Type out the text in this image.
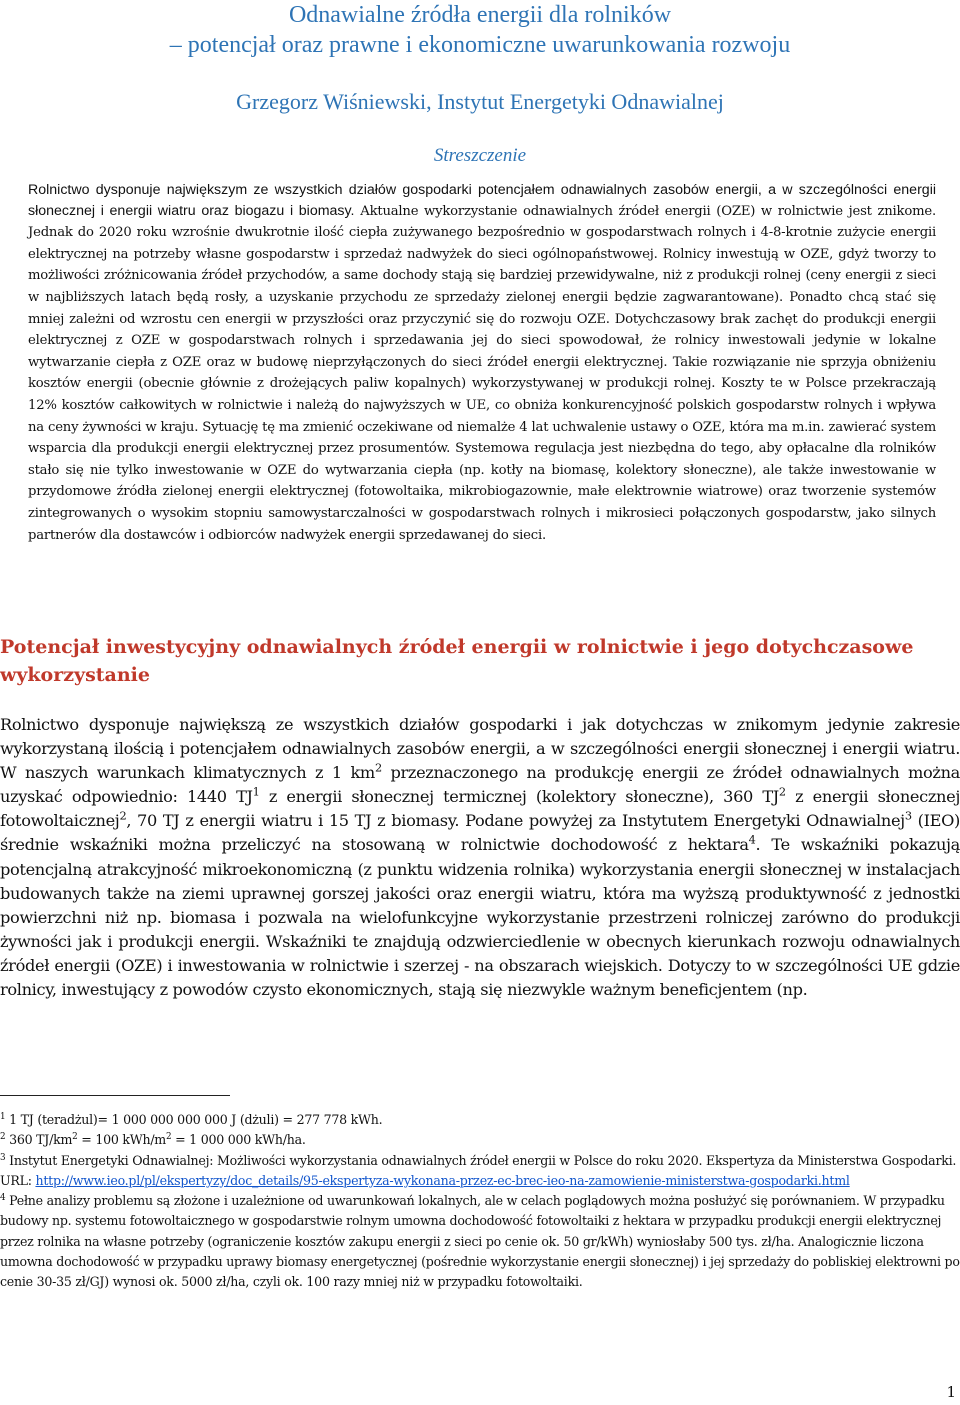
Odnawialne źródła energii dla rolników
– potencjał oraz prawne i ekonomiczne uwarunkowania rozwoju
Grzegorz Wiśniewski, Instytut Energetyki Odnawialnej
Streszczenie

Rolnictwo dysponuje największym ze wszystkich działów gospodarki potencjałem odnawialnych zasobów energii, a w szczególności energii słonecznej i energii wiatru oraz biogazu i biomasy. Aktualne wykorzystanie odnawialnych źródeł energii (OZE) w rolnictwie jest znikome. Jednak do 2020 roku wzrośnie dwukrotnie ilość ciepła zużywanego bezpośrednio w gospodarstwach rolnych i 4-8-krotnie zużycie energii elektrycznej na potrzeby własne gospodarstw i sprzedaż nadwyżek do sieci ogólnopaństwowej. Rolnicy inwestują w OZE, gdyż tworzy to możliwości zróżnicowania źródeł przychodów, a same dochody stają się bardziej przewidywalne, niż z produkcji rolnej (ceny energii z sieci w najbliższych latach będą rosły, a uzyskanie przychodu ze sprzedaży zielonej energii będzie zagwarantowane). Ponadto chcą stać się mniej zależni od wzrostu cen energii w przyszłości oraz przyczynić się do rozwoju OZE. Dotychczasowy brak zachęt do produkcji energii elektrycznej z OZE w gospodarstwach rolnych i sprzedawania jej do sieci spowodował, że rolnicy inwestowali jedynie w lokalne wytwarzanie ciepła z OZE oraz w budowę nieprzyłączonych do sieci źródeł energii elektrycznej. Takie rozwiązanie nie sprzyja obniżeniu kosztów energii (obecnie głównie z drożejących paliw kopalnych) wykorzystywanej w produkcji rolnej. Koszty te w Polsce przekraczają 12% kosztów całkowitych w rolnictwie i należą do najwyższych w UE, co obniża konkurencyjność polskich gospodarstw rolnych i wpływa na ceny żywności w kraju. Sytuację tę ma zmienić oczekiwane od niemalże 4 lat uchwalenie ustawy o OZE, która ma m.in. zawierać system wsparcia dla produkcji energii elektrycznej przez prosumentów. Systemowa regulacja jest niezbędna do tego, aby opłacalne dla rolników stało się nie tylko inwestowanie w OZE do wytwarzania ciepła (np. kotły na biomasę, kolektory słoneczne), ale także inwestowanie w przydomowe źródła zielonej energii elektrycznej (fotowoltaika, mikrobiogazownie, małe elektrownie wiatrowe) oraz tworzenie systemów zintegrowanych o wysokim stopniu samowystarczalności w gospodarstwach rolnych i mikrosieci połączonych gospodarstw, jako silnych partnerów dla dostawców i odbiorców nadwyżek energii sprzedawanej do sieci.

Potencjał inwestycyjny odnawialnych źródeł energii w rolnictwie i jego dotychczasowe wykorzystanie

Rolnictwo dysponuje największą ze wszystkich działów gospodarki i jak dotychczas w znikomym jedynie zakresie wykorzystaną ilością i potencjałem odnawialnych zasobów energii, a w szczególności energii słonecznej i energii wiatru. W naszych warunkach klimatycznych z 1 $km^2$ przeznaczonego na produkcję energii ze źródeł odnawialnych można uzyskać odpowiednio: 1440 $TJ^1$ z energii słonecznej termicznej (kolektory słoneczne), 360 $TJ^2$ z energii słonecznej fotowoltaicznej$^2$, 70 TJ z energii wiatru i 15 TJ z biomasy. Podane powyżej za Instytutem Energetyki Odnawialnej$^3$ (IEO) średnie wskaźniki można przeliczyć na stosowaną w rolnictwie dochodowość z hektara$^4$. Te wskaźniki pokazują potencjalną atrakcyjność mikroekonomiczną (z punktu widzenia rolnika) wykorzystania energii słonecznej w instalacjach budowanych także na ziemi uprawnej gorszej jakości oraz energii wiatru, która ma wyższą produktywność z jednostki powierzchni niż np. biomasa i pozwala na wielofunkcyjne wykorzystanie przestrzeni rolniczej zarówno do produkcji żywności jak i produkcji energii. Wskaźniki te znajdują odzwierciedlenie w obecnych kierunkach rozwoju odnawialnych źródeł energii (OZE) i inwestowania w rolnictwie i szerzej - na obszarach wiejskich. Dotyczy to w szczególności UE gdzie rolnicy, inwestujący z powodów czysto ekonomicznych, stają się niezwykle ważnym beneficjentem (np.

$^1$ 1 TJ (teradżul)= 1 000 000 000 000 J (dżuli) = 277 778 kWh.

$^2$ 360 $TJ/km^2 = 100$ kWh/$m^2 = 1$ 000 000 kWh/ha.

$^3$ Instytut Energetyki Odnawialnej: Możliwości wykorzystania odnawialnych źródeł energii w Polsce do roku 2020. Ekspertyza da Ministerstwa Gospodarki. URL: http://www.ieo.pl/pl/ekspertyzy/doc_details/95-ekspertyza-wykonana-przez-ec-brec-ieo-na-zamowienie-ministerstwa-gospodarki.html

$^4$ Pełne analizy problemu są złożone i uzależnione od uwarunkowań lokalnych, ale w celach poglądowych można posłużyć się porównaniem. W przypadku budowy np. systemu fotowoltaicznego w gospodarstwie rolnym umowna dochodowość fotowoltaiki z hektara w przypadku produkcji energii elektrycznej przez rolnika na własne potrzeby (ograniczenie kosztów zakupu energii z sieci po cenie ok. 50 gr/kWh) wyniosłaby 500 tys. zł/ha. Analogicznie liczona umowna dochodowość w przypadku uprawy biomasy energetycznej (pośrednie wykorzystanie energii słonecznej) i jej sprzedaży do pobliskiej elektrowni po cenie 30-35 zł/GJ) wynosi ok. 5000 zł/ha, czyli ok. 100 razy mniej niż w przypadku fotowoltaiki.

1
